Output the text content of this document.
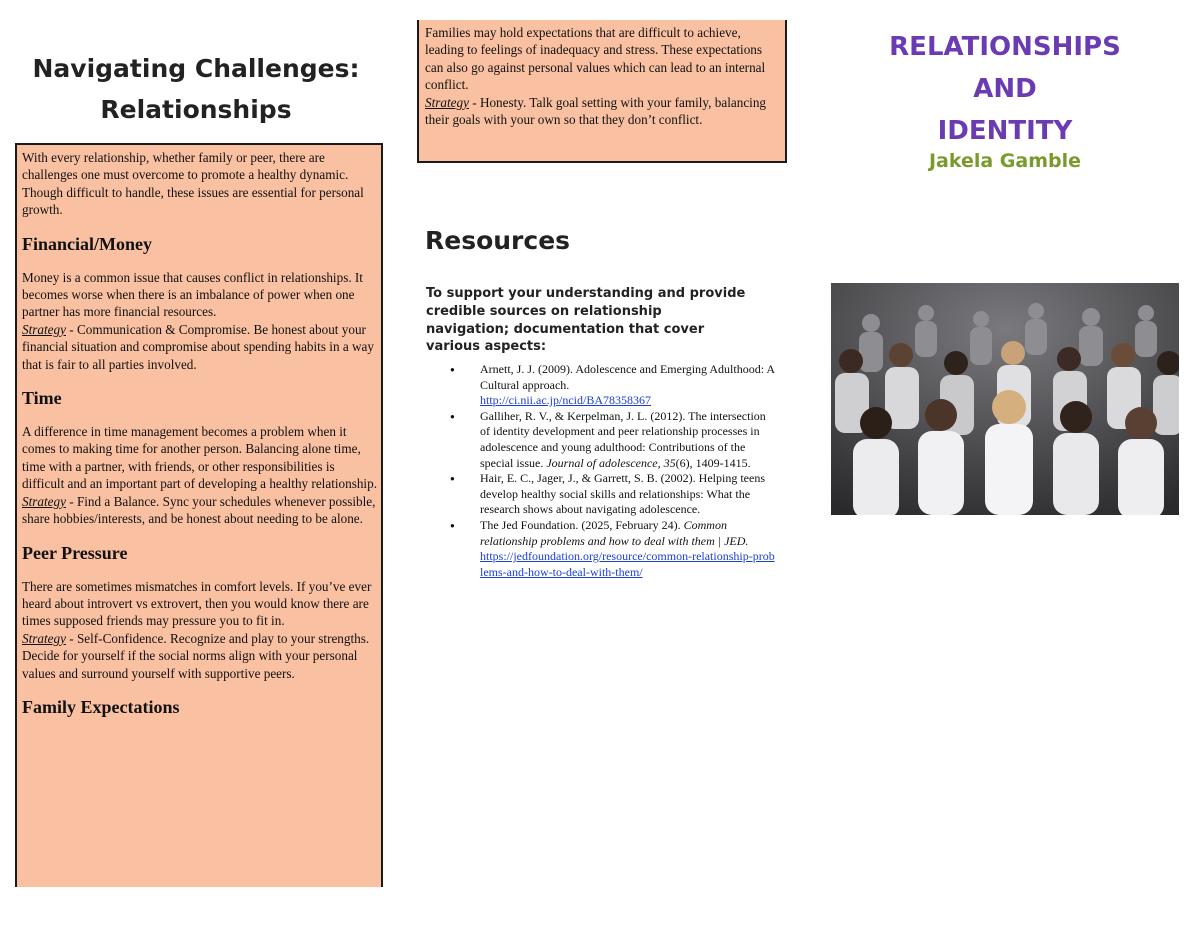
Navigating Challenges:
Relationships

With every relationship, whether family or peer, there are challenges one must overcome to promote a healthy dynamic. Though difficult to handle, these issues are essential for personal growth.

Financial/Money

Money is a common issue that causes conflict in relationships. It becomes worse when there is an imbalance of power when one partner has more financial resources.

Strategy - Communication & Compromise. Be honest about your financial situation and compromise about spending habits in a way that is fair to all parties involved.

Time

A difference in time management becomes a problem when it comes to making time for another person. Balancing alone time, time with a partner, with friends, or other responsibilities is difficult and an important part of developing a healthy relationship.

Strategy - Find a Balance. Sync your schedules whenever possible, share hobbies/interests, and be honest about needing to be alone.

Peer Pressure

There are sometimes mismatches in comfort levels. If you’ve ever heard about introvert vs extrovert, then you would know there are times supposed friends may pressure you to fit in.

Strategy - Self-Confidence. Recognize and play to your strengths. Decide for yourself if the social norms align with your personal values and surround yourself with supportive peers.

Family Expectations

Families may hold expectations that are difficult to achieve, leading to feelings of inadequacy and stress. These expectations can also go against personal values which can lead to an internal conflict.

Strategy - Honesty. Talk goal setting with your family, balancing their goals with your own so that they don’t conflict.

Resources
To support your understanding and provide credible sources on relationship navigation; documentation that cover various aspects:
● Arnett, J. J. (2009). Adolescence and Emerging Adulthood: A Cultural approach.
http://ci.nii.ac.jp/ncid/BA78358367
● Galliher, R. V., & Kerpelman, J. L. (2012). The intersection of identity development and peer relationship processes in adolescence and young adulthood: Contributions of the special issue. Journal of adolescence, 35(6), 1409-1415.
● Hair, E. C., Jager, J., & Garrett, S. B. (2002). Helping teens develop healthy social skills and relationships: What the research shows about navigating adolescence.
● The Jed Foundation. (2025, February 24). Common relationship problems and how to deal with them | JED.
https://jedfoundation.org/resource/common-relationship-problems-and-how-to-deal-with-them/
RELATIONSHIPS
AND
IDENTITY
Jakela Gamble
